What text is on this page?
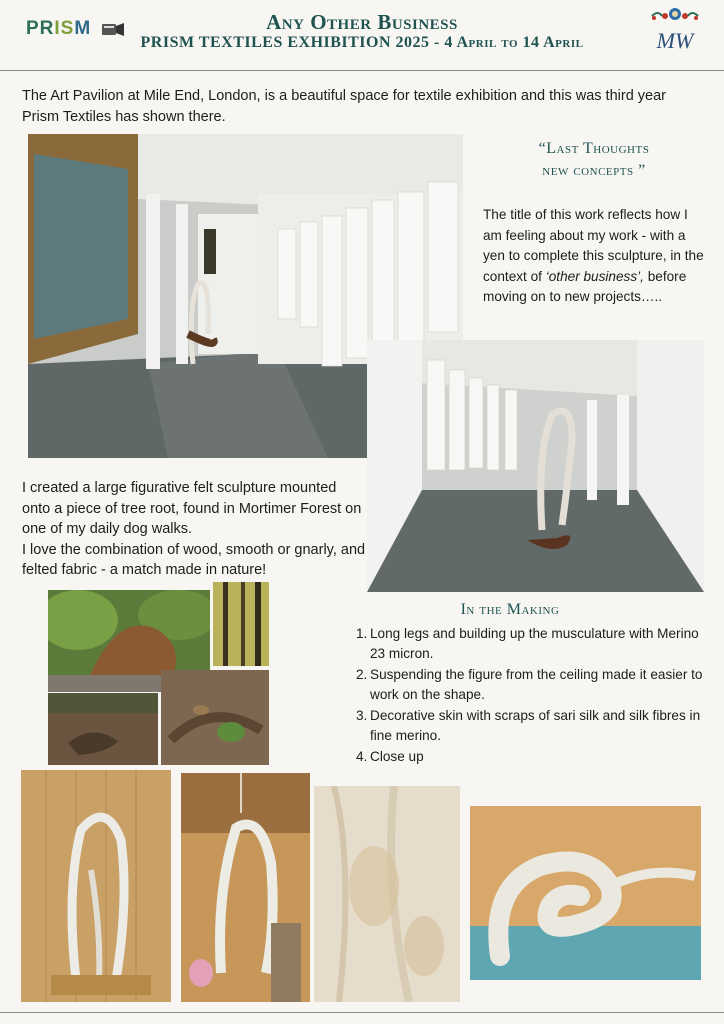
PRISM	Any Other Business
PRISM TEXTILES EXHIBITION 2025 - 4 April to 14 April	MW
The Art Pavilion at Mile End, London, is a beautiful space for textile exhibition and this was third year Prism Textiles has shown there.
“Last Thoughts
new concepts ”
The title of this work reflects how I am feeling about my work - with a yen to complete this sculpture, in the context of ‘other business’, before moving on to new projects…..
I created a large figurative felt sculpture mounted onto a piece of tree root, found in Mortimer Forest on one of my daily dog walks.
I love the combination of wood, smooth or gnarly, and felted fabric - a match made in nature!
In the Making
1. Long legs and building up the musculature with Merino 23 micron.
2. Suspending the figure from the ceiling made it easier to work on the shape.
3. Decorative skin with scraps of sari silk and silk fibres in fine merino.
4. Close up
